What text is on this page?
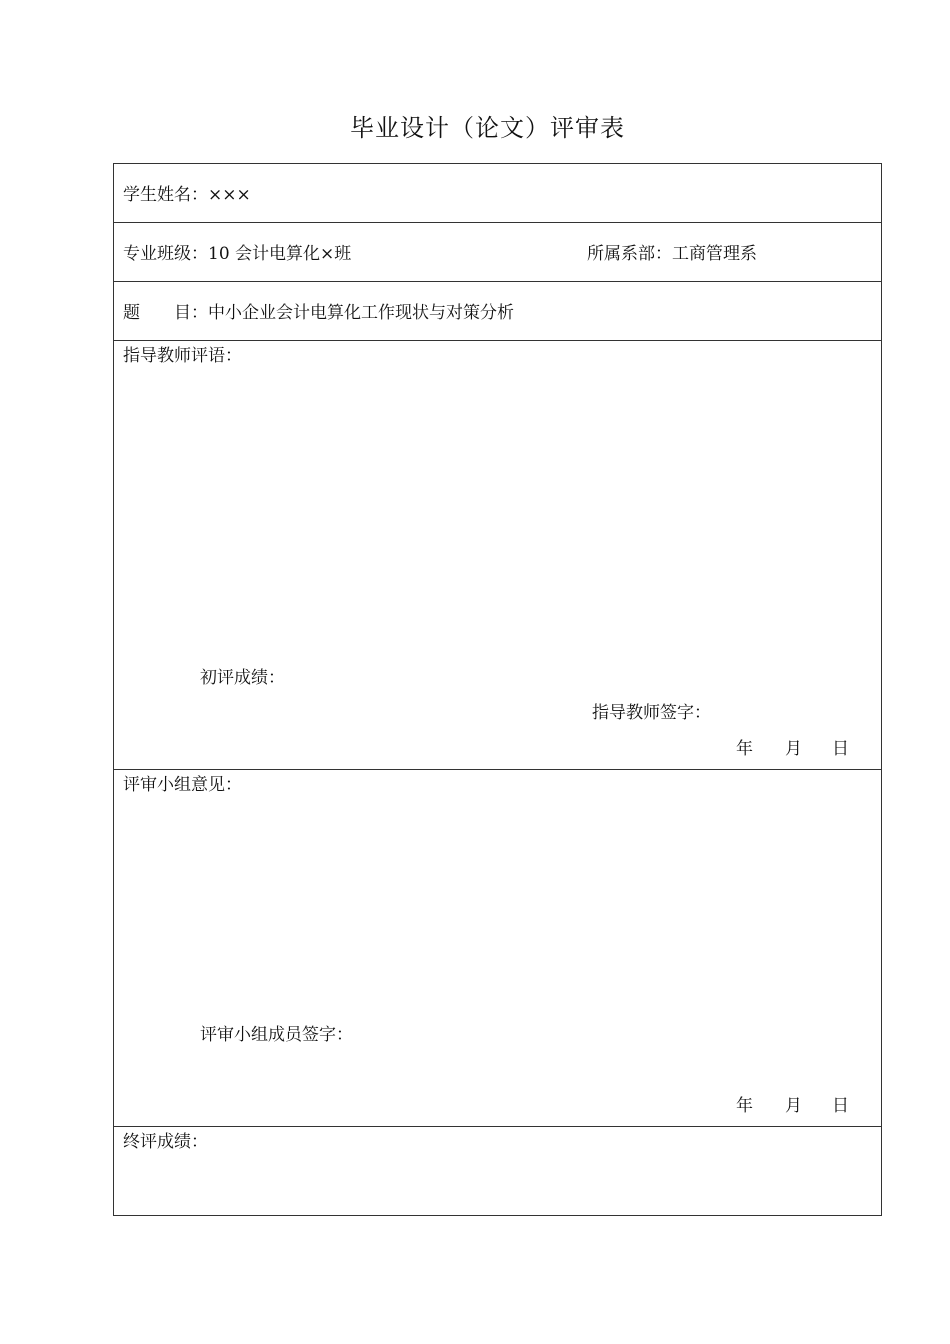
毕业设计（论文）评审表
学生姓名：×××
专业班级：10 会计电算化×班	所属系部：工商管理系
题　　目：中小企业会计电算化工作现状与对策分析
指导教师评语：
初评成绩：
指导教师签字：
年 月 日
评审小组意见：
评审小组成员签字：
年 月 日
终评成绩：
